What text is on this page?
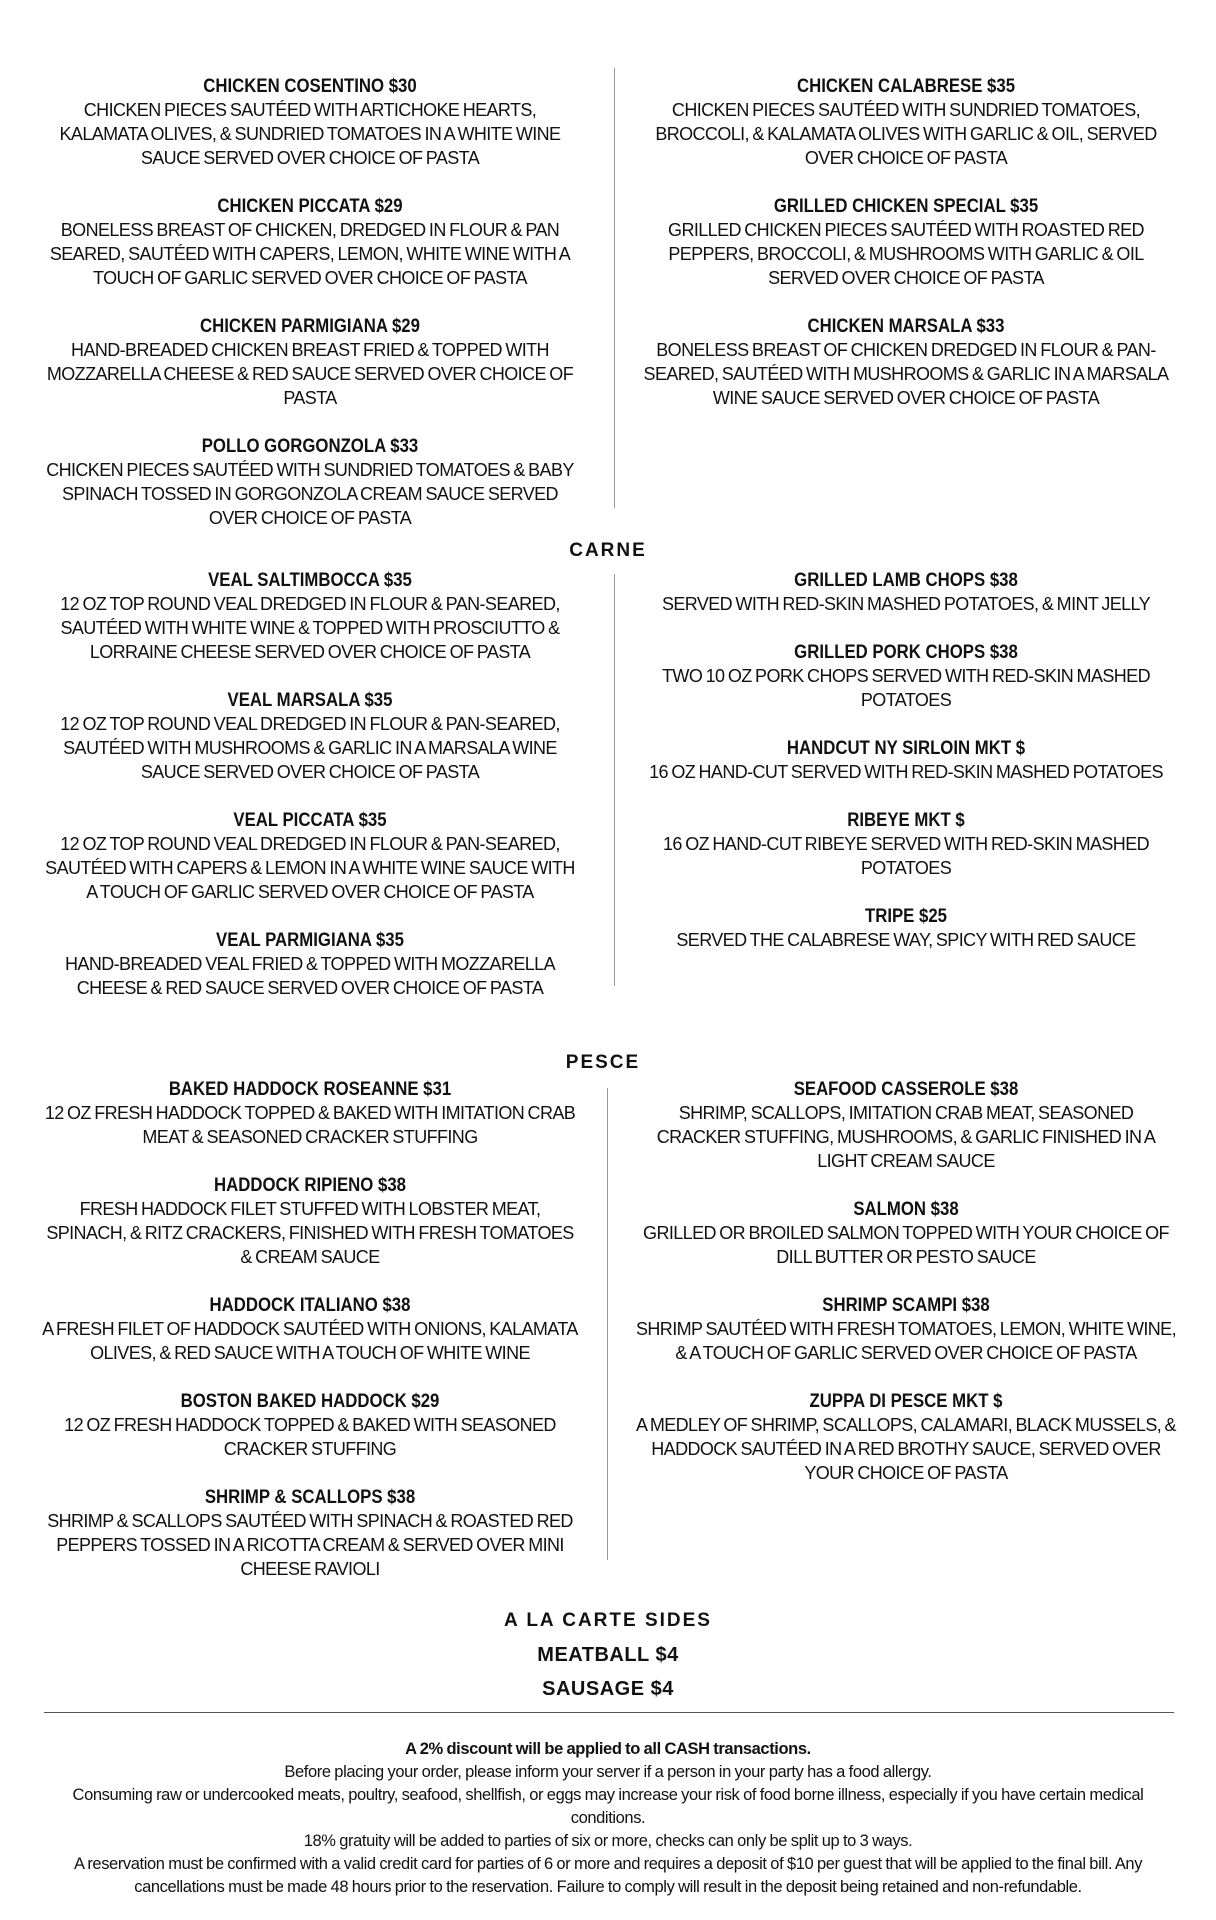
CHICKEN COSENTINO $30
CHICKEN PIECES SAUTÉED WITH ARTICHOKE HEARTS, KALAMATA OLIVES, & SUNDRIED TOMATOES IN A WHITE WINE SAUCE SERVED OVER CHOICE OF PASTA
CHICKEN PICCATA $29
BONELESS BREAST OF CHICKEN, DREDGED IN FLOUR & PAN SEARED, SAUTÉED WITH CAPERS, LEMON, WHITE WINE WITH A TOUCH OF GARLIC SERVED OVER CHOICE OF PASTA
CHICKEN PARMIGIANA $29
HAND-BREADED CHICKEN BREAST FRIED & TOPPED WITH MOZZARELLA CHEESE & RED SAUCE SERVED OVER CHOICE OF PASTA
POLLO GORGONZOLA $33
CHICKEN PIECES SAUTÉED WITH SUNDRIED TOMATOES & BABY SPINACH TOSSED IN GORGONZOLA CREAM SAUCE SERVED OVER CHOICE OF PASTA
CHICKEN CALABRESE $35
CHICKEN PIECES SAUTÉED WITH SUNDRIED TOMATOES, BROCCOLI, & KALAMATA OLIVES WITH GARLIC & OIL, SERVED OVER CHOICE OF PASTA
GRILLED CHICKEN SPECIAL $35
GRILLED CHICKEN PIECES SAUTÉED WITH ROASTED RED PEPPERS, BROCCOLI, & MUSHROOMS WITH GARLIC & OIL SERVED OVER CHOICE OF PASTA
CHICKEN MARSALA $33
BONELESS BREAST OF CHICKEN DREDGED IN FLOUR & PAN-SEARED, SAUTÉED WITH MUSHROOMS & GARLIC IN A MARSALA WINE SAUCE SERVED OVER CHOICE OF PASTA
CARNE
VEAL SALTIMBOCCA $35
12 OZ TOP ROUND VEAL DREDGED IN FLOUR & PAN-SEARED, SAUTÉED WITH WHITE WINE & TOPPED WITH PROSCIUTTO & LORRAINE CHEESE SERVED OVER CHOICE OF PASTA
VEAL MARSALA $35
12 OZ TOP ROUND VEAL DREDGED IN FLOUR & PAN-SEARED, SAUTÉED WITH MUSHROOMS & GARLIC IN A MARSALA WINE SAUCE SERVED OVER CHOICE OF PASTA
VEAL PICCATA $35
12 OZ TOP ROUND VEAL DREDGED IN FLOUR & PAN-SEARED, SAUTÉED WITH CAPERS & LEMON IN A WHITE WINE SAUCE WITH A TOUCH OF GARLIC SERVED OVER CHOICE OF PASTA
VEAL PARMIGIANA $35
HAND-BREADED VEAL FRIED & TOPPED WITH MOZZARELLA CHEESE & RED SAUCE SERVED OVER CHOICE OF PASTA
GRILLED LAMB CHOPS $38
SERVED WITH RED-SKIN MASHED POTATOES, & MINT JELLY
GRILLED PORK CHOPS $38
TWO 10 OZ PORK CHOPS SERVED WITH RED-SKIN MASHED POTATOES
HANDCUT NY SIRLOIN MKT $
16 OZ HAND-CUT SERVED WITH RED-SKIN MASHED POTATOES
RIBEYE MKT $
16 OZ HAND-CUT RIBEYE SERVED WITH RED-SKIN MASHED POTATOES
TRIPE $25
SERVED THE CALABRESE WAY, SPICY WITH RED SAUCE
PESCE
BAKED HADDOCK ROSEANNE $31
12 OZ FRESH HADDOCK TOPPED & BAKED WITH IMITATION CRAB MEAT & SEASONED CRACKER STUFFING
HADDOCK RIPIENO $38
FRESH HADDOCK FILET STUFFED WITH LOBSTER MEAT, SPINACH, & RITZ CRACKERS, FINISHED WITH FRESH TOMATOES & CREAM SAUCE
HADDOCK ITALIANO $38
A FRESH FILET OF HADDOCK SAUTÉED WITH ONIONS, KALAMATA OLIVES, & RED SAUCE WITH A TOUCH OF WHITE WINE
BOSTON BAKED HADDOCK $29
12 OZ FRESH HADDOCK TOPPED & BAKED WITH SEASONED CRACKER STUFFING
SHRIMP & SCALLOPS $38
SHRIMP & SCALLOPS SAUTÉED WITH SPINACH & ROASTED RED PEPPERS TOSSED IN A RICOTTA CREAM & SERVED OVER MINI CHEESE RAVIOLI
SEAFOOD CASSEROLE $38
SHRIMP, SCALLOPS, IMITATION CRAB MEAT, SEASONED CRACKER STUFFING, MUSHROOMS, & GARLIC FINISHED IN A LIGHT CREAM SAUCE
SALMON $38
GRILLED OR BROILED SALMON TOPPED WITH YOUR CHOICE OF DILL BUTTER OR PESTO SAUCE
SHRIMP SCAMPI $38
SHRIMP SAUTÉED WITH FRESH TOMATOES, LEMON, WHITE WINE, & A TOUCH OF GARLIC SERVED OVER CHOICE OF PASTA
ZUPPA DI PESCE MKT $
A MEDLEY OF SHRIMP, SCALLOPS, CALAMARI, BLACK MUSSELS, & HADDOCK SAUTÉED IN A RED BROTHY SAUCE, SERVED OVER YOUR CHOICE OF PASTA
A LA CARTE SIDES
MEATBALL $4
SAUSAGE $4
A 2% discount will be applied to all CASH transactions.
Before placing your order, please inform your server if a person in your party has a food allergy.
Consuming raw or undercooked meats, poultry, seafood, shellfish, or eggs may increase your risk of food borne illness, especially if you have certain medical conditions.
18% gratuity will be added to parties of six or more, checks can only be split up to 3 ways.
A reservation must be confirmed with a valid credit card for parties of 6 or more and requires a deposit of $10 per guest that will be applied to the final bill. Any cancellations must be made 48 hours prior to the reservation. Failure to comply will result in the deposit being retained and non-refundable.
